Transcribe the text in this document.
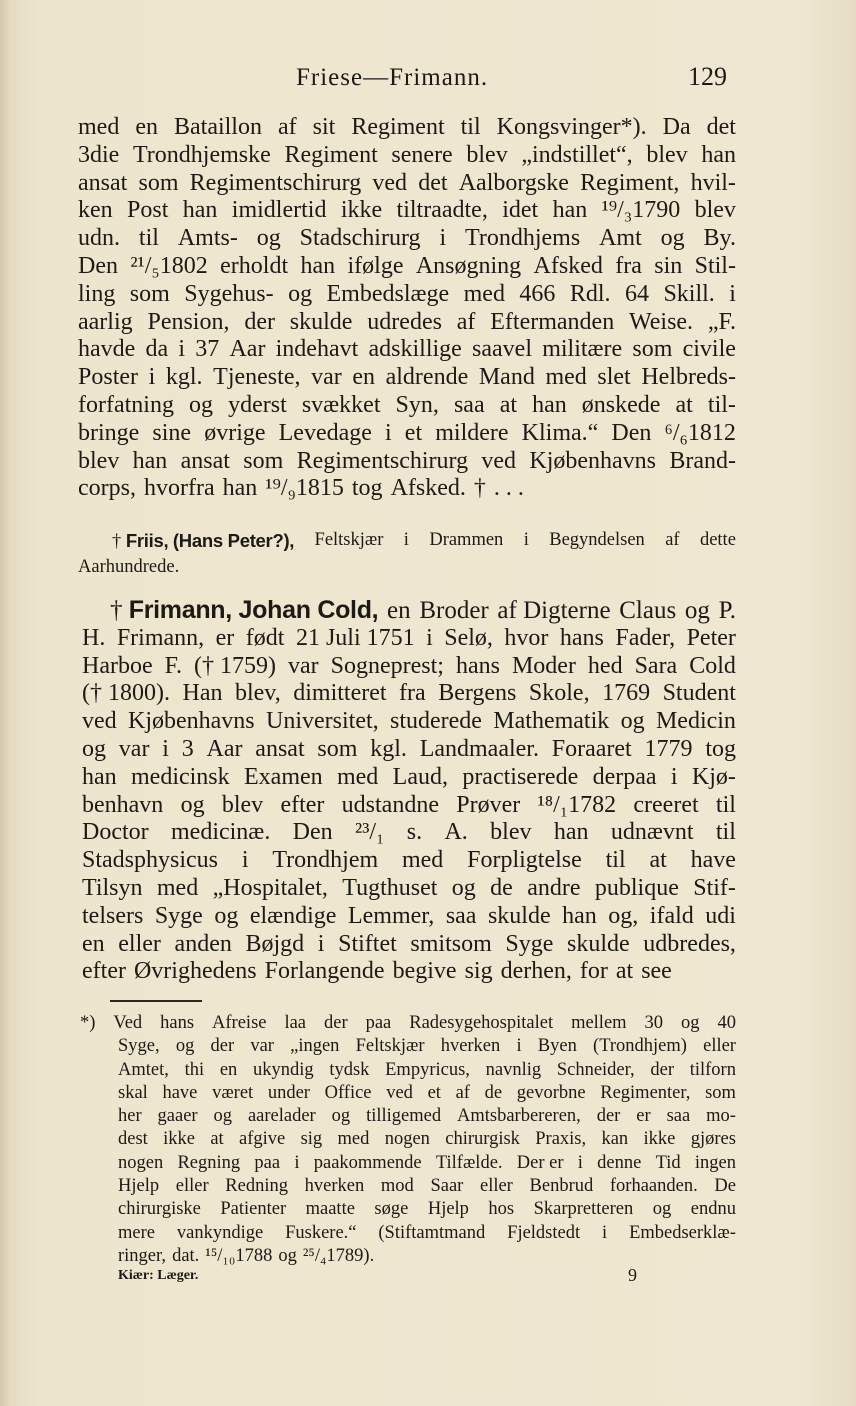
Friese—Frimann.	129
med en Bataillon af sit Regiment til Kongsvinger*). Da det
3die Trondhjemske Regiment senere blev „indstillet“, blev han
ansat som Regimentschirurg ved det Aalborgske Regiment, hvil-
ken Post han imidlertid ikke tiltraadte, idet han ¹⁹/₃1790 blev
udn. til Amts- og Stadschirurg i Trondhjems Amt og By.
Den ²¹/₅1802 erholdt han ifølge Ansøgning Afsked fra sin Stil-
ling som Sygehus- og Embedslæge med 466 Rdl. 64 Skill. i
aarlig Pension, der skulde udredes af Eftermanden Weise. „F.
havde da i 37 Aar indehavt adskillige saavel militære som civile
Poster i kgl. Tjeneste, var en aldrende Mand med slet Helbreds-
forfatning og yderst svækket Syn, saa at han ønskede at til-
bringe sine øvrige Levedage i et mildere Klima.“ Den ⁶/₆1812
blev han ansat som Regimentschirurg ved Kjøbenhavns Brand-
corps, hvorfra han ¹⁹/₉1815 tog Afsked. † . . .
† Friis, (Hans Peter?), Feltskjær i Drammen i Begyndelsen af dette
Aarhundrede.
† Frimann, Johan Cold, en Broder af Digterne Claus og P.
H. Frimann, er født 21 Juli 1751 i Selø, hvor hans Fader, Peter
Harboe F. († 1759) var Sogneprest; hans Moder hed Sara Cold
(† 1800). Han blev, dimitteret fra Bergens Skole, 1769 Student
ved Kjøbenhavns Universitet, studerede Mathematik og Medicin
og var i 3 Aar ansat som kgl. Landmaaler. Foraaret 1779 tog
han medicinsk Examen med Laud, practiserede derpaa i Kjø-
benhavn og blev efter udstandne Prøver ¹⁸/₁1782 creeret til
Doctor medicinæ. Den ²³/₁ s. A. blev han udnævnt til
Stadsphysicus i Trondhjem med Forpligtelse til at have
Tilsyn med „Hospitalet, Tugthuset og de andre publique Stif-
telsers Syge og elændige Lemmer, saa skulde han og, ifald udi
en eller anden Bøjgd i Stiftet smitsom Syge skulde udbredes,
efter Øvrighedens Forlangende begive sig derhen, for at see
*) Ved hans Afreise laa der paa Radesygehospitalet mellem 30 og 40
Syge, og der var „ingen Feltskjær hverken i Byen (Trondhjem) eller
Amtet, thi en ukyndig tydsk Empyricus, navnlig Schneider, der tilforn
skal have været under Office ved et af de gevorbne Regimenter, som
her gaaer og aarelader og tilligemed Amtsbarbereren, der er saa mo-
dest ikke at afgive sig med nogen chirurgisk Praxis, kan ikke gjøres
nogen Regning paa i paakommende Tilfælde. Der er i denne Tid ingen
Hjelp eller Redning hverken mod Saar eller Benbrud forhaanden. De
chirurgiske Patienter maatte søge Hjelp hos Skarpretteren og endnu
mere vankyndige Fuskere.“ (Stiftamtmand Fjeldstedt i Embedserklæ-
ringer, dat. ¹⁵/₁₀1788 og ²⁵/₄1789).
Kiær: Læger.	9
